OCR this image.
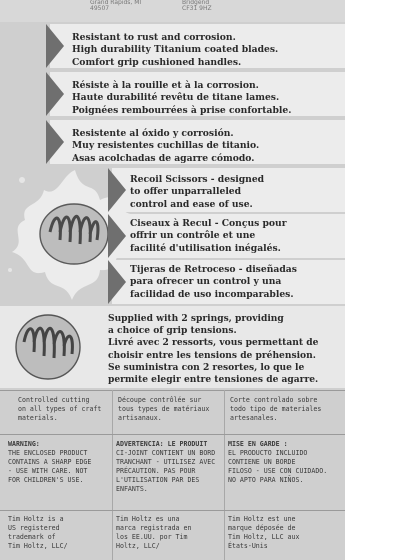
Grand Rapids, MI
49507
Bridgend
CF31 9HZ
Resistant to rust and corrosion.
High durability Titanium coated blades.
Comfort grip cushioned handles.
Résiste à la rouille et à la corrosion.
Haute durabilité revêtu de titane lames.
Poignées rembourrées à prise confortable.
Resistente al óxido y corrosión.
Muy resistentes cuchillas de titanio.
Asas acolchadas de agarre cómodo.
Recoil Scissors - designed
to offer unparralleled
control and ease of use.
Ciseaux à Recul - Conçus pour
offrir un contrôle et une
facilité d'utilisation inégalés.
Tijeras de Retroceso - diseñadas
para ofrecer un control y una
facilidad de uso incomparables.
Supplied with 2 springs, providing
a choice of grip tensions.
Livré avec 2 ressorts, vous permettant de
choisir entre les tensions de préhension.
Se suministra con 2 resortes, lo que le
permite elegir entre tensiones de agarre.
Controlled cutting
on all types of craft
materials.
Découpe contrôlée sur
tous types de matériaux
artisanaux.
Corte controlado sobre
todo tipo de materiales
artesanales.
WARNING:
THE ENCLOSED PRODUCT
CONTAINS A SHARP EDGE
- USE WITH CARE. NOT
FOR CHILDREN'S USE.
ADVERTENCIA: LE PRODUIT
CI-JOINT CONTIENT UN BORD
TRANCHANT - UTILISEZ AVEC
PRÉCAUTION. PAS POUR
L'UTILISATION PAR DES
ENFANTS.
MISE EN GARDE :
EL PRODUCTO INCLUIDO
CONTIENE UN BORDE
FILOSO - USE CON CUIDADO.
NO APTO PARA NIÑOS.
Tim Holtz is a
US registered
trademark of
Tim Holtz, LLC/
Tim Holtz es una
marca registrada en
los EE.UU. por Tim
Holtz, LLC/
Tim Holtz est une
marque déposée de
Tim Holtz, LLC aux
États-Unis
